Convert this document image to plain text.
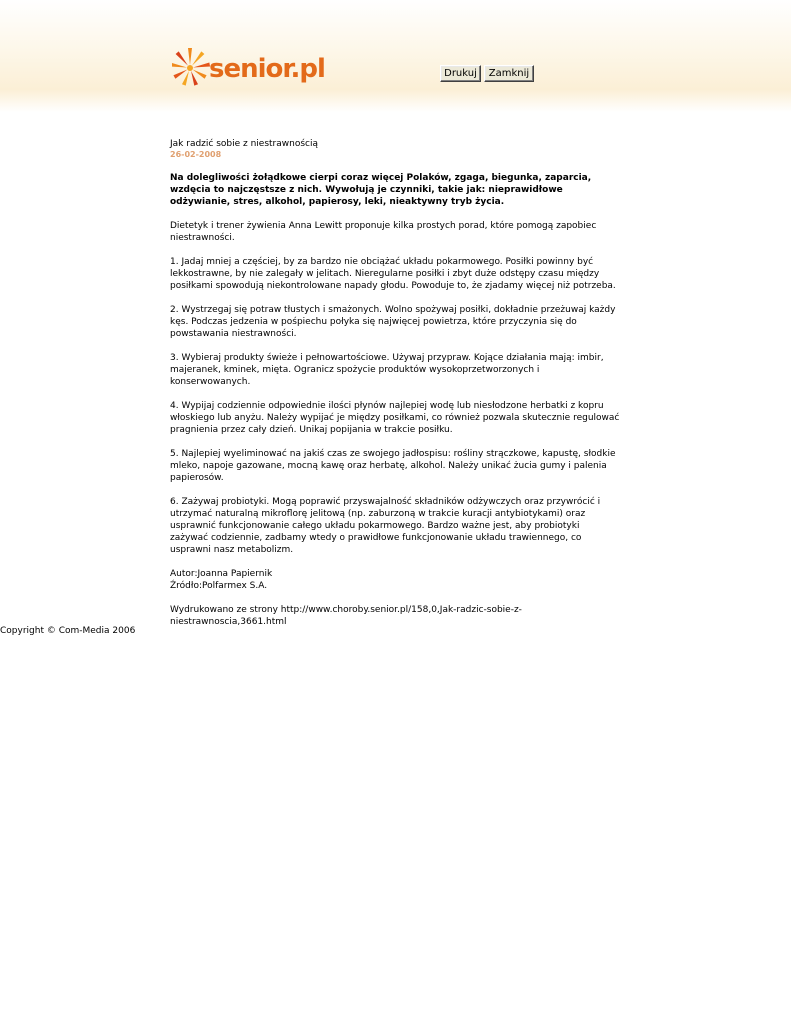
senior.pl	Drukuj	Zamknij

Jak radzić sobie z niestrawnością

26-02-2008

Na dolegliwości żołądkowe cierpi coraz więcej Polaków, zgaga, biegunka, zaparcia, wzdęcia to najczęstsze z nich. Wywołują je czynniki, takie jak: nieprawidłowe odżywianie, stres, alkohol, papierosy, leki, nieaktywny tryb życia.

Dietetyk i trener żywienia Anna Lewitt proponuje kilka prostych porad, które pomogą zapobiec niestrawności.

1. Jadaj mniej a częściej, by za bardzo nie obciążać układu pokarmowego. Posiłki powinny być lekkostrawne, by nie zalegały w jelitach. Nieregularne posiłki i zbyt duże odstępy czasu między posiłkami spowodują niekontrolowane napady głodu. Powoduje to, że zjadamy więcej niż potrzeba.

2. Wystrzegaj się potraw tłustych i smażonych. Wolno spożywaj posiłki, dokładnie przeżuwaj każdy kęs. Podczas jedzenia w pośpiechu połyka się najwięcej powietrza, które przyczynia się do powstawania niestrawności.

3. Wybieraj produkty świeże i pełnowartościowe. Używaj przypraw. Kojące działania mają: imbir, majeranek, kminek, mięta. Ogranicz spożycie produktów wysokoprzetworzonych i konserwowanych.

4. Wypijaj codziennie odpowiednie ilości płynów najlepiej wodę lub niesłodzone herbatki z kopru włoskiego lub anyżu. Należy wypijać je między posiłkami, co również pozwala skutecznie regulować pragnienia przez cały dzień. Unikaj popijania w trakcie posiłku.

5. Najlepiej wyeliminować na jakiś czas ze swojego jadłospisu: rośliny strączkowe, kapustę, słodkie mleko, napoje gazowane, mocną kawę oraz herbatę, alkohol. Należy unikać żucia gumy i palenia papierosów.

6. Zażywaj probiotyki. Mogą poprawić przyswajalność składników odżywczych oraz przywrócić i utrzymać naturalną mikroflorę jelitową (np. zaburzoną w trakcie kuracji antybiotykami) oraz usprawnić funkcjonowanie całego układu pokarmowego. Bardzo ważne jest, aby probiotyki zażywać codziennie, zadbamy wtedy o prawidłowe funkcjonowanie układu trawiennego, co usprawni nasz metabolizm.

Autor:Joanna Papiernik
Źródło:Polfarmex S.A.

Wydrukowano ze strony http://www.choroby.senior.pl/158,0,Jak-radzic-sobie-z-niestrawnoscia,3661.html

Copyright © Com-Media 2006
